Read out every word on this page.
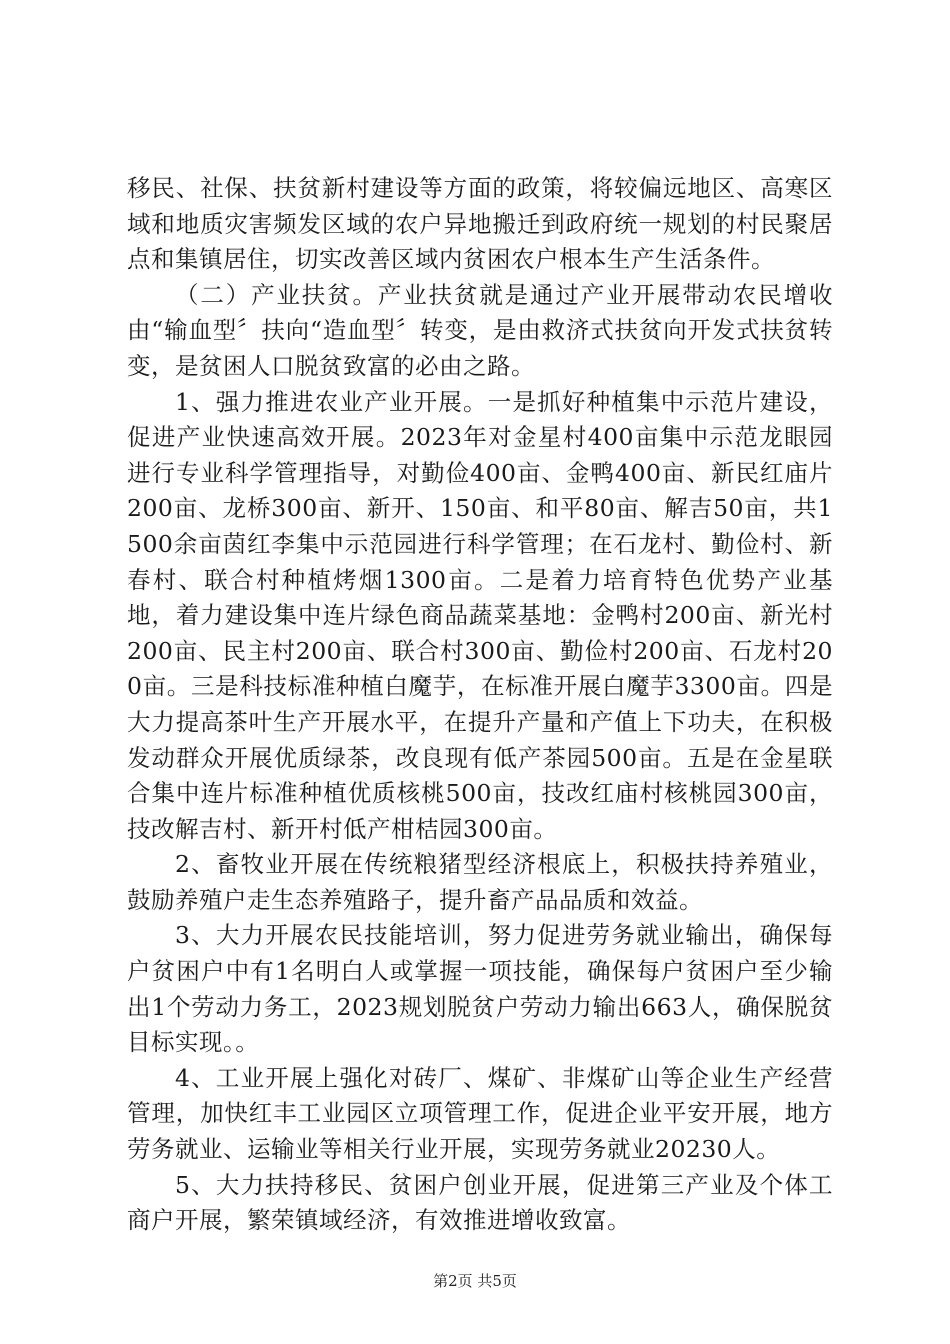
移民、社保、扶贫新村建设等方面的政策，将较偏远地区、高寒区域和地质灾害频发区域的农户异地搬迁到政府统一规划的村民聚居点和集镇居住，切实改善区域内贫困农户根本生产生活条件。

（二）产业扶贫。产业扶贫就是通过产业开展带动农民增收由“输血型〞扶向“造血型〞转变，是由救济式扶贫向开发式扶贫转变，是贫困人口脱贫致富的必由之路。

1、强力推进农业产业开展。一是抓好种植集中示范片建设，促进产业快速高效开展。2023年对金星村400亩集中示范龙眼园进行专业科学管理指导，对勤俭400亩、金鸭400亩、新民红庙片200亩、龙桥300亩、新开、150亩、和平80亩、解吉50亩，共1500余亩茵红李集中示范园进行科学管理；在石龙村、勤俭村、新春村、联合村种植烤烟1300亩。二是着力培育特色优势产业基地，着力建设集中连片绿色商品蔬菜基地：金鸭村200亩、新光村200亩、民主村200亩、联合村300亩、勤俭村200亩、石龙村200亩。三是科技标准种植白魔芋，在标准开展白魔芋3300亩。四是大力提高茶叶生产开展水平，在提升产量和产值上下功夫，在积极发动群众开展优质绿茶，改良现有低产茶园500亩。五是在金星联合集中连片标准种植优质核桃500亩，技改红庙村核桃园300亩，技改解吉村、新开村低产柑桔园300亩。

2、畜牧业开展在传统粮猪型经济根底上，积极扶持养殖业，鼓励养殖户走生态养殖路子，提升畜产品品质和效益。

3、大力开展农民技能培训，努力促进劳务就业输出，确保每户贫困户中有1名明白人或掌握一项技能，确保每户贫困户至少输出1个劳动力务工，2023规划脱贫户劳动力输出663人，确保脱贫目标实现。。

4、工业开展上强化对砖厂、煤矿、非煤矿山等企业生产经营管理，加快红丰工业园区立项管理工作，促进企业平安开展，地方劳务就业、运输业等相关行业开展，实现劳务就业20230人。

5、大力扶持移民、贫困户创业开展，促进第三产业及个体工商户开展，繁荣镇域经济，有效推进增收致富。

第2页 共5页
